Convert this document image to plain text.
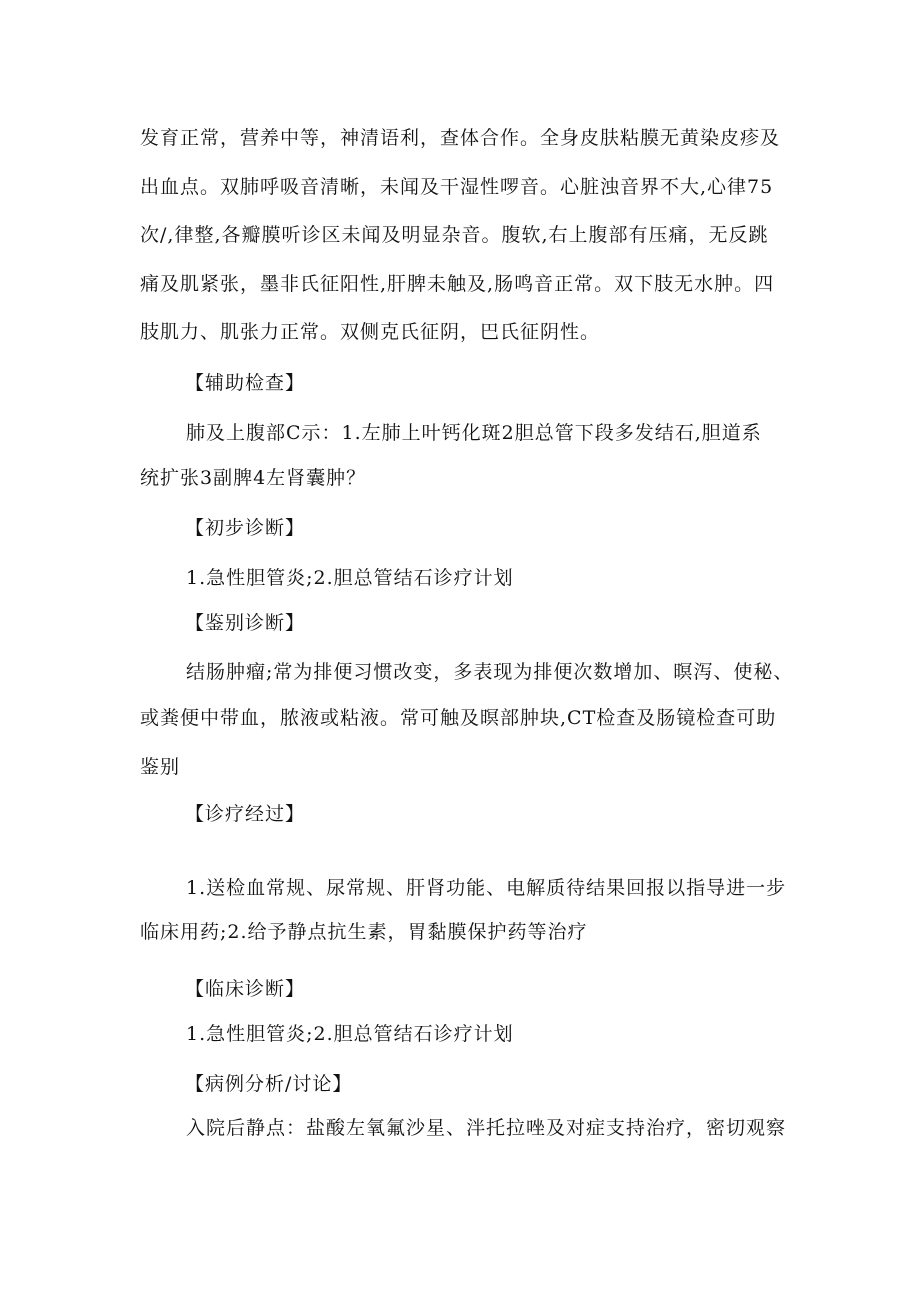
发育正常，营养中等，神清语利，查体合作。全身皮肤粘膜无黄染皮疹及
出血点。双肺呼吸音清晰，未闻及干湿性啰音。心脏浊音界不大,心律75
次/,律整,各瓣膜听诊区未闻及明显杂音。腹软,右上腹部有压痛，无反跳
痛及肌紧张，墨非氏征阳性,肝脾未触及,肠鸣音正常。双下肢无水肿。四
肢肌力、肌张力正常。双侧克氏征阴，巴氏征阴性。
【辅助检查】
肺及上腹部C示：1.左肺上叶钙化斑2胆总管下段多发结石,胆道系
统扩张3副脾4左肾囊肿？
【初步诊断】
1.急性胆管炎;2.胆总管结石诊疗计划
【鉴别诊断】
结肠肿瘤;常为排便习惯改变，多表现为排便次数增加、暝泻、使秘、
或粪便中带血，脓液或粘液。常可触及暝部肿块,CT检查及肠镜检查可助
鉴别
【诊疗经过】
1.送检血常规、尿常规、肝肾功能、电解质待结果回报以指导进一步
临床用药;2.给予静点抗生素，胃黏膜保护药等治疗
【临床诊断】
1.急性胆管炎;2.胆总管结石诊疗计划
【病例分析/讨论】
入院后静点：盐酸左氧氟沙星、泮托拉唑及对症支持治疗，密切观察
